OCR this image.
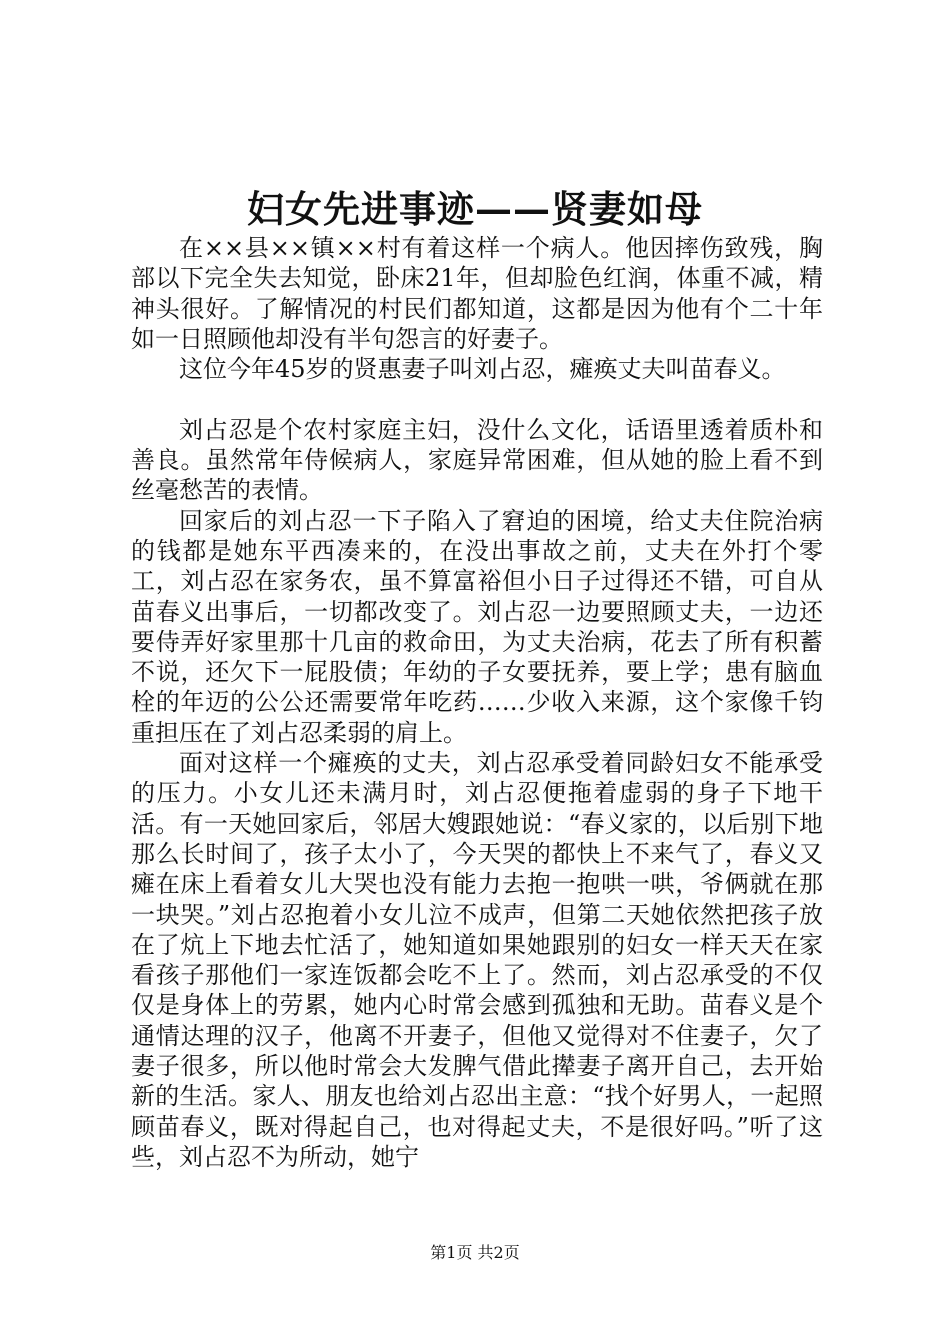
妇女先进事迹——贤妻如母

在××县××镇××村有着这样一个病人。他因摔伤致残，胸部以下完全失去知觉，卧床21年，但却脸色红润，体重不减，精神头很好。了解情况的村民们都知道，这都是因为他有个二十年如一日照顾他却没有半句怨言的好妻子。

这位今年45岁的贤惠妻子叫刘占忍，瘫痪丈夫叫苗春义。

刘占忍是个农村家庭主妇，没什么文化，话语里透着质朴和善良。虽然常年侍候病人，家庭异常困难，但从她的脸上看不到丝毫愁苦的表情。

回家后的刘占忍一下子陷入了窘迫的困境，给丈夫住院治病的钱都是她东平西凑来的，在没出事故之前，丈夫在外打个零工，刘占忍在家务农，虽不算富裕但小日子过得还不错，可自从苗春义出事后，一切都改变了。刘占忍一边要照顾丈夫，一边还要侍弄好家里那十几亩的救命田，为丈夫治病，花去了所有积蓄不说，还欠下一屁股债；年幼的子女要抚养，要上学；患有脑血栓的年迈的公公还需要常年吃药……少收入来源，这个家像千钧重担压在了刘占忍柔弱的肩上。

面对这样一个瘫痪的丈夫，刘占忍承受着同龄妇女不能承受的压力。小女儿还未满月时，刘占忍便拖着虚弱的身子下地干活。有一天她回家后，邻居大嫂跟她说：“春义家的，以后别下地那么长时间了，孩子太小了，今天哭的都快上不来气了，春义又瘫在床上看着女儿大哭也没有能力去抱一抱哄一哄，爷俩就在那一块哭。”刘占忍抱着小女儿泣不成声，但第二天她依然把孩子放在了炕上下地去忙活了，她知道如果她跟别的妇女一样天天在家看孩子那他们一家连饭都会吃不上了。然而，刘占忍承受的不仅仅是身体上的劳累，她内心时常会感到孤独和无助。苗春义是个通情达理的汉子，他离不开妻子，但他又觉得对不住妻子，欠了妻子很多，所以他时常会大发脾气借此撵妻子离开自己，去开始新的生活。家人、朋友也给刘占忍出主意：“找个好男人，一起照顾苗春义，既对得起自己，也对得起丈夫，不是很好吗。”听了这些，刘占忍不为所动，她宁

第1页 共2页
